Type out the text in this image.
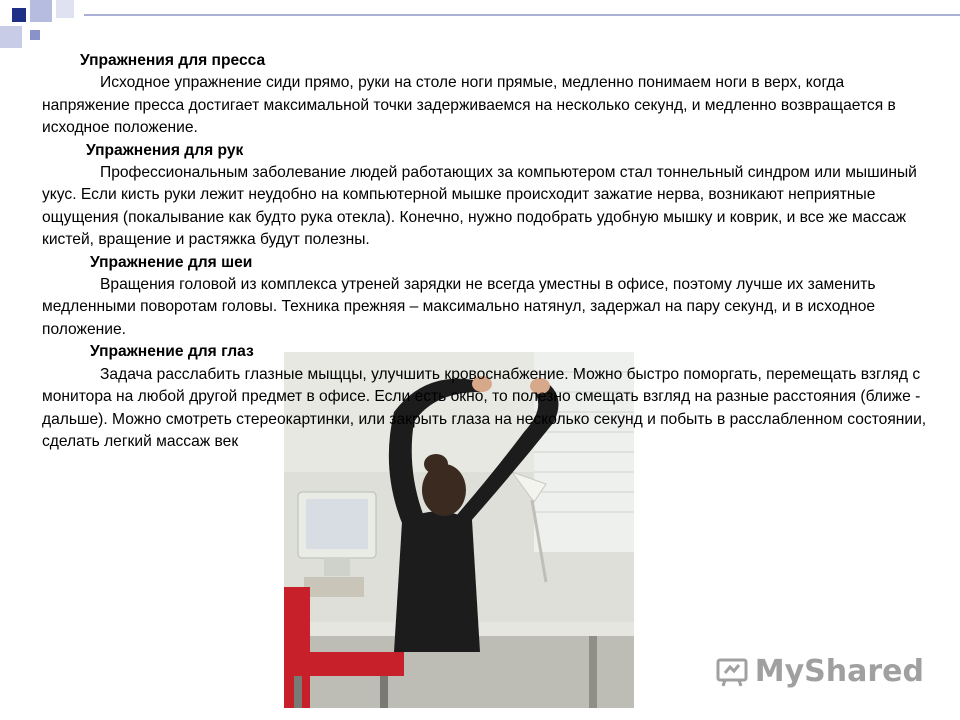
Упражнения для пресса

Исходное упражнение сиди прямо, руки на столе ноги прямые, медленно понимаем ноги в верх, когда напряжение пресса достигает максимальной точки задерживаемся на несколько секунд, и медленно возвращается в исходное положение.

Упражнения для рук

Профессиональным заболевание людей работающих за компьютером стал тоннельный синдром или мышиный укус. Если кисть руки лежит неудобно на компьютерной мышке происходит зажатие нерва, возникают неприятные ощущения (покалывание как будто рука отекла). Конечно, нужно подобрать удобную мышку и коврик, и все же массаж кистей, вращение и растяжка будут полезны.

Упражнение для шеи

Вращения головой из комплекса утреней зарядки не всегда уместны в офисе, поэтому лучше их заменить медленными поворотам головы. Техника прежняя – максимально натянул, задержал на пару секунд, и в исходное положение.

Упражнение для глаз

Задача расслабить глазные мыщцы, улучшить кровоснабжение. Можно быстро поморгать, перемещать взгляд с монитора на любой другой предмет в офисе. Если есть окно, то полезно смещать взгляд на разные расстояния (ближе - дальше). Можно смотреть стереокартинки, или закрыть глаза на несколько секунд и побыть в расслабленном состоянии, сделать легкий массаж век

MyShared
